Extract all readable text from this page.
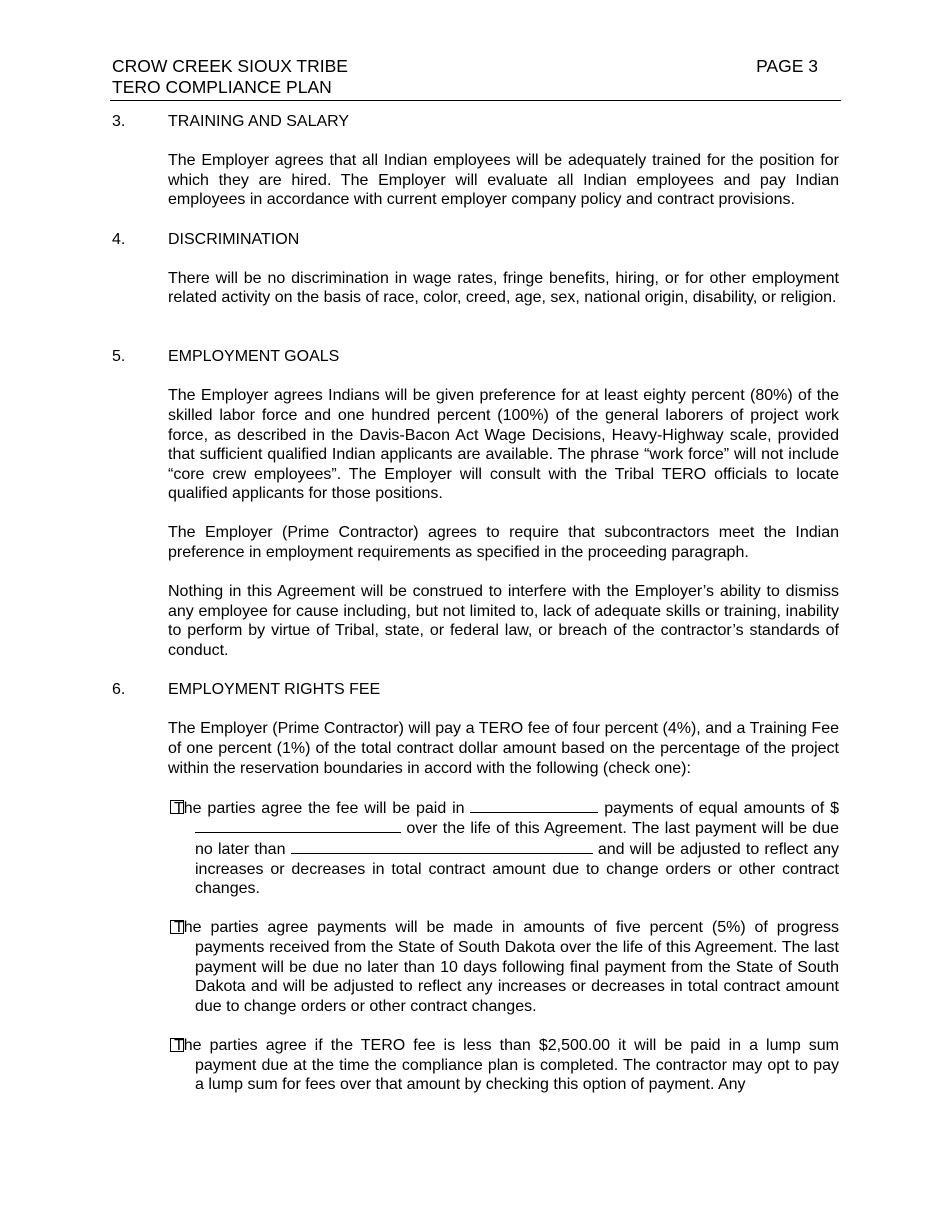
CROW CREEK SIOUX TRIBE
TERO COMPLIANCE PLAN
PAGE 3
3.	TRAINING AND SALARY

The Employer agrees that all Indian employees will be adequately trained for the position for which they are hired. The Employer will evaluate all Indian employees and pay Indian employees in accordance with current employer company policy and contract provisions.

4.	DISCRIMINATION

There will be no discrimination in wage rates, fringe benefits, hiring, or for other employment related activity on the basis of race, color, creed, age, sex, national origin, disability, or religion.

5.	EMPLOYMENT GOALS

The Employer agrees Indians will be given preference for at least eighty percent (80%) of the skilled labor force and one hundred percent (100%) of the general laborers of project work force, as described in the Davis-Bacon Act Wage Decisions, Heavy-Highway scale, provided that sufficient qualified Indian applicants are available. The phrase “work force” will not include “core crew employees”. The Employer will consult with the Tribal TERO officials to locate qualified applicants for those positions.

The Employer (Prime Contractor) agrees to require that subcontractors meet the Indian preference in employment requirements as specified in the proceeding paragraph.

Nothing in this Agreement will be construed to interfere with the Employer’s ability to dismiss any employee for cause including, but not limited to, lack of adequate skills or training, inability to perform by virtue of Tribal, state, or federal law, or breach of the contractor’s standards of conduct.

6.	EMPLOYMENT RIGHTS FEE

The Employer (Prime Contractor) will pay a TERO fee of four percent (4%), and a Training Fee of one percent (1%) of the total contract dollar amount based on the percentage of the project within the reservation boundaries in accord with the following (check one):

The parties agree the fee will be paid in	payments of equal amounts of $  over the life of this Agreement. The last payment will be due no later than	and will be adjusted to reflect any increases or decreases in total contract amount due to change orders or other contract changes.
The parties agree payments will be made in amounts of five percent (5%) of progress payments received from the State of South Dakota over the life of this Agreement. The last payment will be due no later than 10 days following final payment from the State of South Dakota and will be adjusted to reflect any increases or decreases in total contract amount due to change orders or other contract changes.
The parties agree if the TERO fee is less than $2,500.00 it will be paid in a lump sum payment due at the time the compliance plan is completed. The contractor may opt to pay a lump sum for fees over that amount by checking this option of payment. Any
